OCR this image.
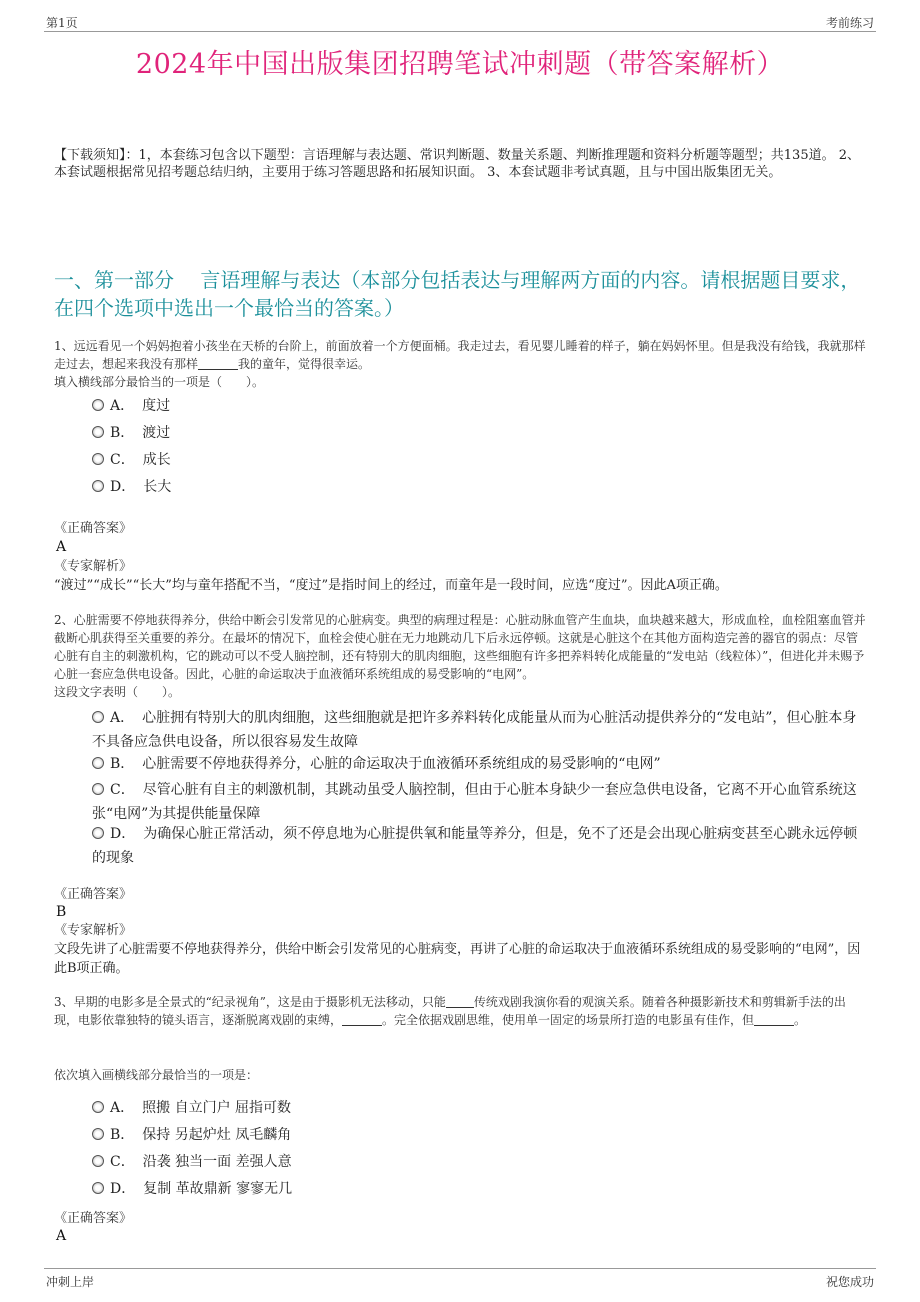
第1页	考前练习
2024年中国出版集团招聘笔试冲刺题（带答案解析）
【下载须知】：1，本套练习包含以下题型：言语理解与表达题、常识判断题、数量关系题、判断推理题和资料分析题等题型；共135道。 2、本套试题根据常见招考题总结归纳，主要用于练习答题思路和拓展知识面。 3、本套试题非考试真题，且与中国出版集团无关。
一、第一部分　 言语理解与表达（本部分包括表达与理解两方面的内容。请根据题目要求，在四个选项中选出一个最恰当的答案。）
1、远远看见一个妈妈抱着小孩坐在天桥的台阶上，前面放着一个方便面桶。我走过去，看见婴儿睡着的样子，躺在妈妈怀里。但是我没有给钱，我就那样走过去，想起来我没有那样	我的童年，觉得很幸运。
填入横线部分最恰当的一项是（　　）。
A． 度过
B． 渡过
C． 成长
D． 长大
《正确答案》
A
《专家解析》
“渡过”“成长”“长大”均与童年搭配不当，“度过”是指时间上的经过，而童年是一段时间，应选“度过”。因此A项正确。
2、心脏需要不停地获得养分，供给中断会引发常见的心脏病变。典型的病理过程是：心脏动脉血管产生血块，血块越来越大，形成血栓，血栓阻塞血管并截断心肌获得至关重要的养分。在最坏的情况下，血栓会使心脏在无力地跳动几下后永远停顿。这就是心脏这个在其他方面构造完善的器官的弱点：尽管心脏有自主的刺激机构，它的跳动可以不受人脑控制，还有特别大的肌肉细胞，这些细胞有许多把养料转化成能量的“发电站（线粒体）”，但进化并未赐予心脏一套应急供电设备。因此，心脏的命运取决于血液循环系统组成的易受影响的“电网”。
这段文字表明（　　）。
A． 心脏拥有特别大的肌肉细胞，这些细胞就是把许多养料转化成能量从而为心脏活动提供养分的“发电站”，但心脏本身不具备应急供电设备，所以很容易发生故障
B． 心脏需要不停地获得养分，心脏的命运取决于血液循环系统组成的易受影响的“电网”
C． 尽管心脏有自主的刺激机制，其跳动虽受人脑控制，但由于心脏本身缺少一套应急供电设备，它离不开心血管系统这张“电网”为其提供能量保障
D． 为确保心脏正常活动，须不停息地为心脏提供氧和能量等养分，但是，免不了还是会出现心脏病变甚至心跳永远停顿的现象
《正确答案》
B
《专家解析》
文段先讲了心脏需要不停地获得养分，供给中断会引发常见的心脏病变，再讲了心脏的命运取决于血液循环系统组成的易受影响的“电网”，因此B项正确。
3、早期的电影多是全景式的“纪录视角”，这是由于摄影机无法移动，只能 传统戏剧我演你看的观演关系。随着各种摄影新技术和剪辑新手法的出现，电影依靠独特的镜头语言，逐渐脱离戏剧的束缚，	。完全依据戏剧思维，使用单一固定的场景所打造的电影虽有佳作，但	。
依次填入画横线部分最恰当的一项是：
A． 照搬 自立门户 屈指可数
B． 保持 另起炉灶 凤毛麟角
C． 沿袭 独当一面 差强人意
D． 复制 革故鼎新 寥寥无几
《正确答案》
A
冲刺上岸	祝您成功
